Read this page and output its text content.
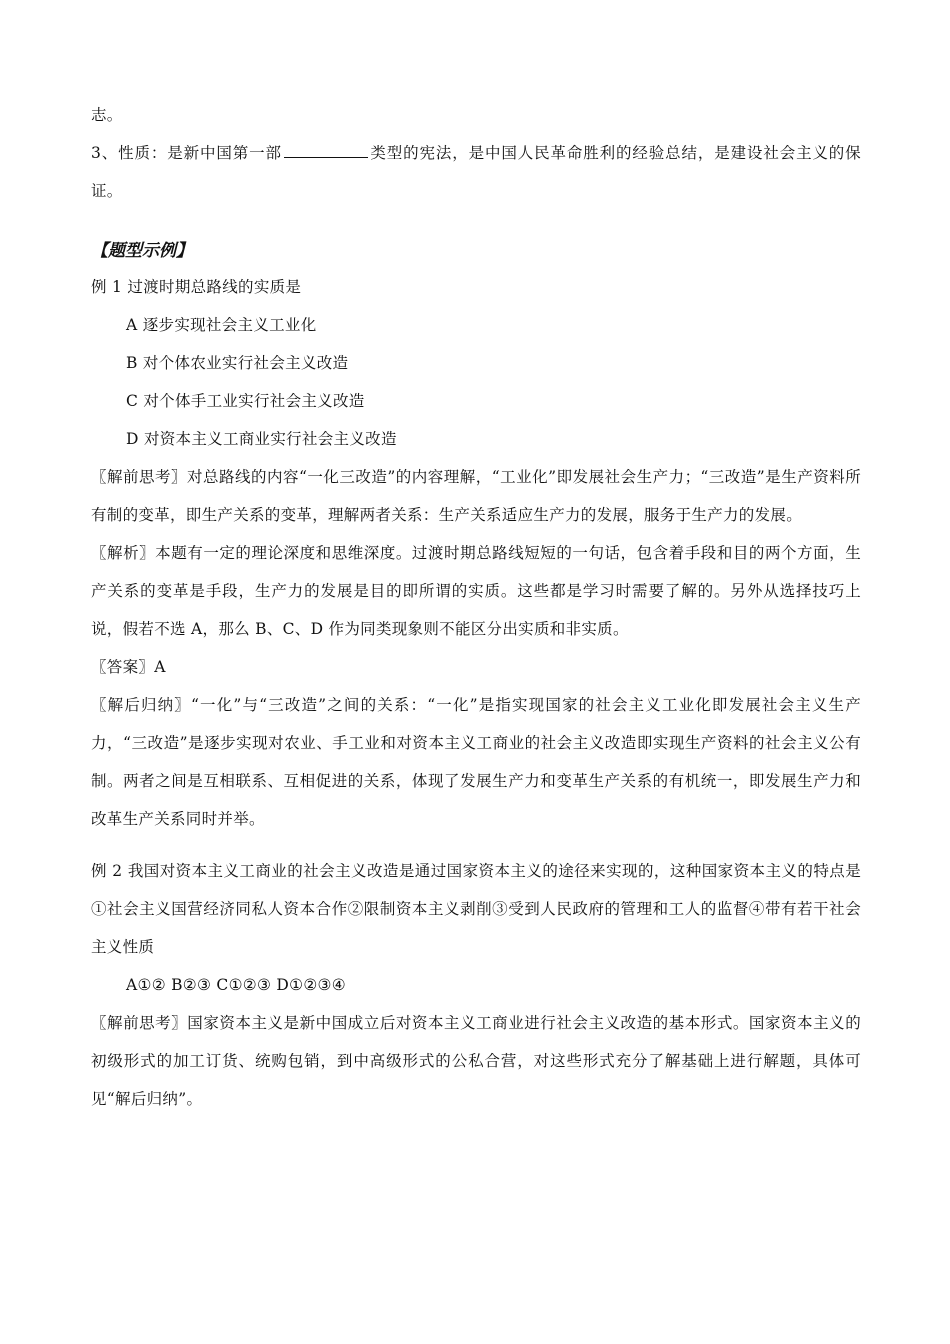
志。

3、性质：是新中国第一部	类型的宪法，是中国人民革命胜利的经验总结，是建设社会主义的保证。

【题型示例】

例 1 过渡时期总路线的实质是

A 逐步实现社会主义工业化

B 对个体农业实行社会主义改造

C 对个体手工业实行社会主义改造

D 对资本主义工商业实行社会主义改造

〖解前思考〗对总路线的内容“一化三改造”的内容理解，“工业化”即发展社会生产力；“三改造”是生产资料所有制的变革，即生产关系的变革，理解两者关系：生产关系适应生产力的发展，服务于生产力的发展。

〖解析〗本题有一定的理论深度和思维深度。过渡时期总路线短短的一句话，包含着手段和目的两个方面，生产关系的变革是手段，生产力的发展是目的即所谓的实质。这些都是学习时需要了解的。另外从选择技巧上说，假若不选 A，那么 B、C、D 作为同类现象则不能区分出实质和非实质。

〖答案〗A

〖解后归纳〗“一化”与“三改造”之间的关系：“一化”是指实现国家的社会主义工业化即发展社会主义生产力，“三改造”是逐步实现对农业、手工业和对资本主义工商业的社会主义改造即实现生产资料的社会主义公有制。两者之间是互相联系、互相促进的关系，体现了发展生产力和变革生产关系的有机统一，即发展生产力和改革生产关系同时并举。

例 2 我国对资本主义工商业的社会主义改造是通过国家资本主义的途径来实现的，这种国家资本主义的特点是①社会主义国营经济同私人资本合作②限制资本主义剥削③受到人民政府的管理和工人的监督④带有若干社会主义性质

A①② B②③ C①②③ D①②③④

〖解前思考〗国家资本主义是新中国成立后对资本主义工商业进行社会主义改造的基本形式。国家资本主义的初级形式的加工订货、统购包销，到中高级形式的公私合营，对这些形式充分了解基础上进行解题，具体可见“解后归纳”。
